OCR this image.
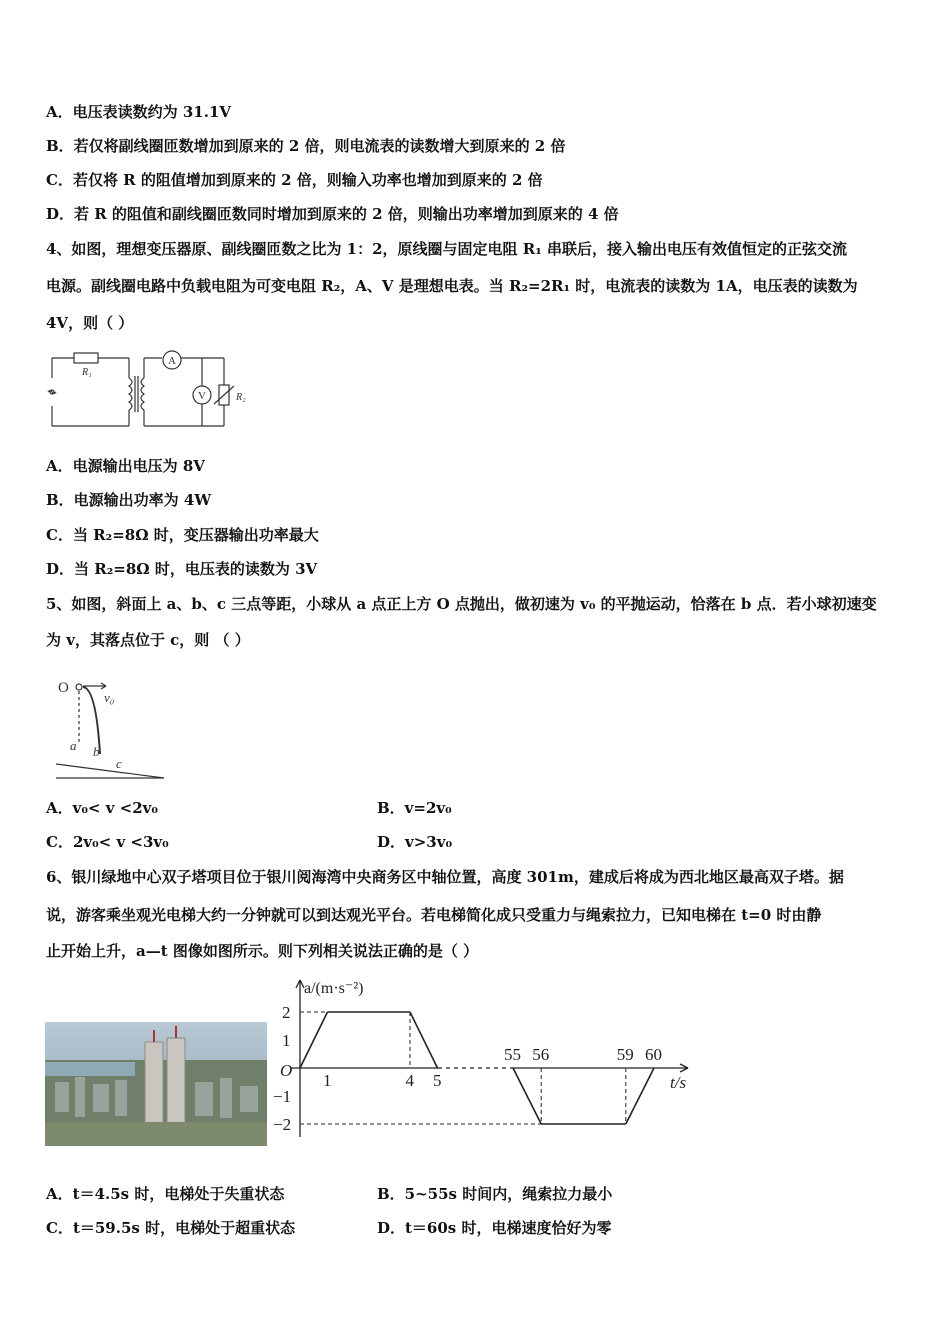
A．电压表读数约为 31.1V
B．若仅将副线圈匝数增加到原来的 2 倍，则电流表的读数增大到原来的 2 倍
C．若仅将 R 的阻值增加到原来的 2 倍，则输入功率也增加到原来的 2 倍
D．若 R 的阻值和副线圈匝数同时增加到原来的 2 倍，则输出功率增加到原来的 4 倍
4、如图，理想变压器原、副线圈匝数之比为 1：2，原线圈与固定电阻 R₁ 串联后，接入输出电压有效值恒定的正弦交流
电源。副线圈电路中负载电阻为可变电阻 R₂，A、V 是理想电表。当 R₂=2R₁ 时，电流表的读数为 1A，电压表的读数为
4V，则（ ）
R₁
A
V	R₂
A．电源输出电压为 8V
B．电源输出功率为 4W
C．当 R₂=8Ω 时，变压器输出功率最大
D．当 R₂=8Ω 时，电压表的读数为 3V
5、如图，斜面上 a、b、c 三点等距，小球从 a 点正上方 O 点抛出，做初速为 v₀ 的平抛运动，恰落在 b 点．若小球初速变
为 v，其落点位于 c，则 （ ）
O
v₀
a b
c
A．v₀< v <2v₀	B．v=2v₀
C．2v₀< v <3v₀	D．v>3v₀
6、银川绿地中心双子塔项目位于银川阅海湾中央商务区中轴位置，高度 301m，建成后将成为西北地区最高双子塔。据
说，游客乘坐观光电梯大约一分钟就可以到达观光平台。若电梯简化成只受重力与绳索拉力，已知电梯在 t=0 时由静
止开始上升，a—t 图像如图所示。则下列相关说法正确的是（ ）
1	4 5
55 56	59 60
2
1
−1
−2
O
a/(m·s⁻²)
t/s
A．t＝4.5s 时，电梯处于失重状态	B．5~55s 时间内，绳索拉力最小
C．t＝59.5s 时，电梯处于超重状态	D．t＝60s 时，电梯速度恰好为零
